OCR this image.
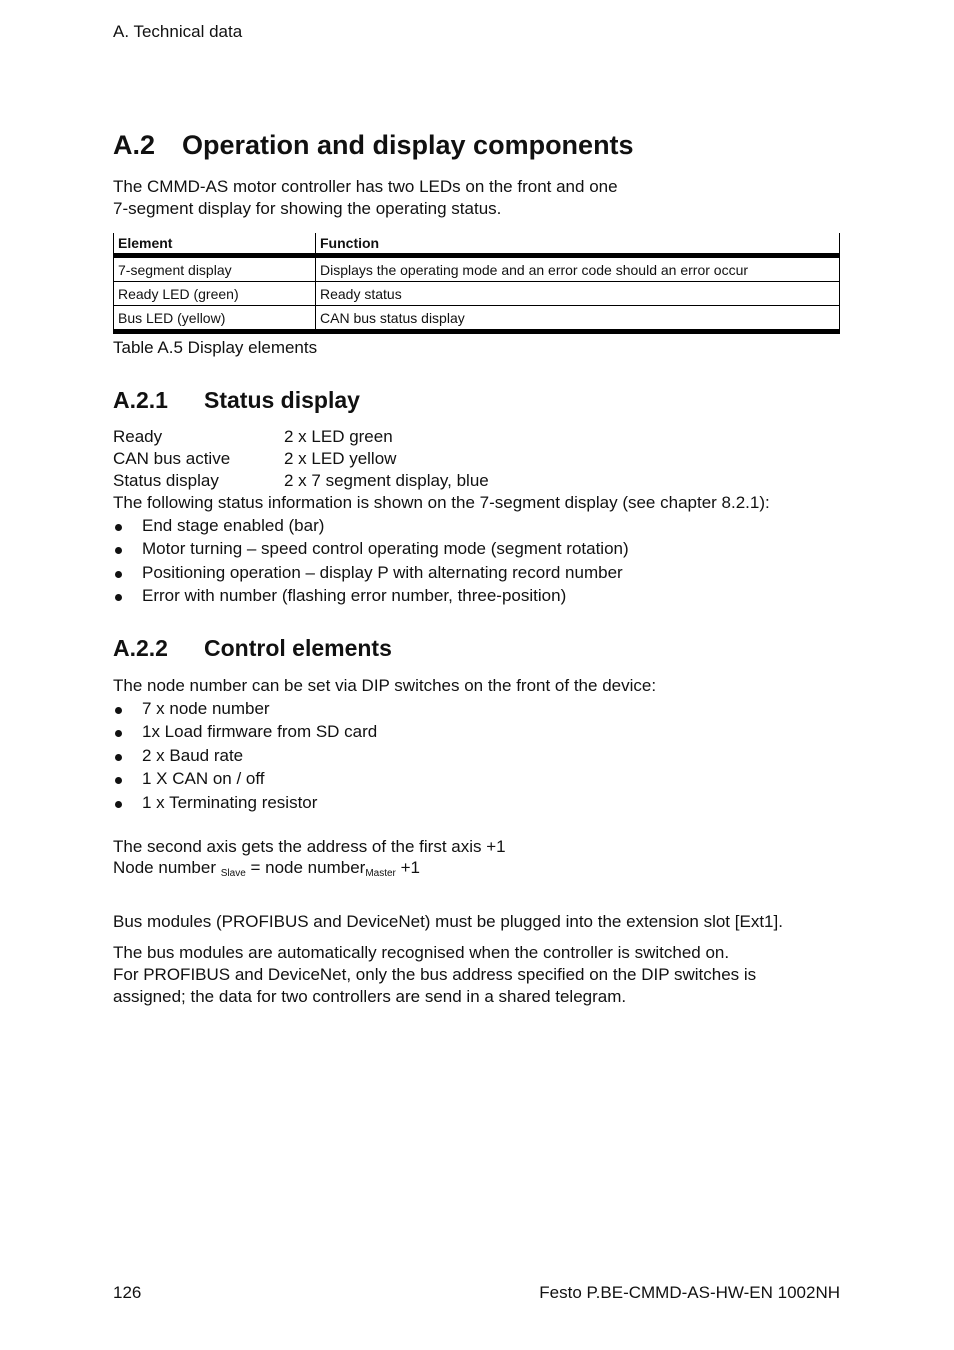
A. Technical data
A.2 Operation and display components

The CMMD-AS motor controller has two LEDs on the front and one
7-segment display for showing the operating status.

Element	Function
7-segment display	Displays the operating mode and an error code should an error occur
Ready LED (green)	Ready status
Bus LED (yellow)	CAN bus status display
Table A.5 Display elements
A.2.1 Status display
Ready	2 x LED green
CAN bus active	2 x LED yellow
Status display	2 x 7 segment display, blue
The following status information is shown on the 7-segment display (see chapter 8.2.1):
End stage enabled (bar)
Motor turning – speed control operating mode (segment rotation)
Positioning operation – display P with alternating record number
Error with number (flashing error number, three-position)
A.2.2 Control elements
The node number can be set via DIP switches on the front of the device:
7 x node number
1x Load firmware from SD card
2 x Baud rate
1 X CAN on / off
1 x Terminating resistor
The second axis gets the address of the first axis +1
Node number $_{Slave}$ = node number$_{Master}$ +1
Bus modules (PROFIBUS and DeviceNet) must be plugged into the extension slot [Ext1].

The bus modules are automatically recognised when the controller is switched on.
For PROFIBUS and DeviceNet, only the bus address specified on the DIP switches is
assigned; the data for two controllers are send in a shared telegram.

126	Festo P.BE-CMMD-AS-HW-EN 1002NH
